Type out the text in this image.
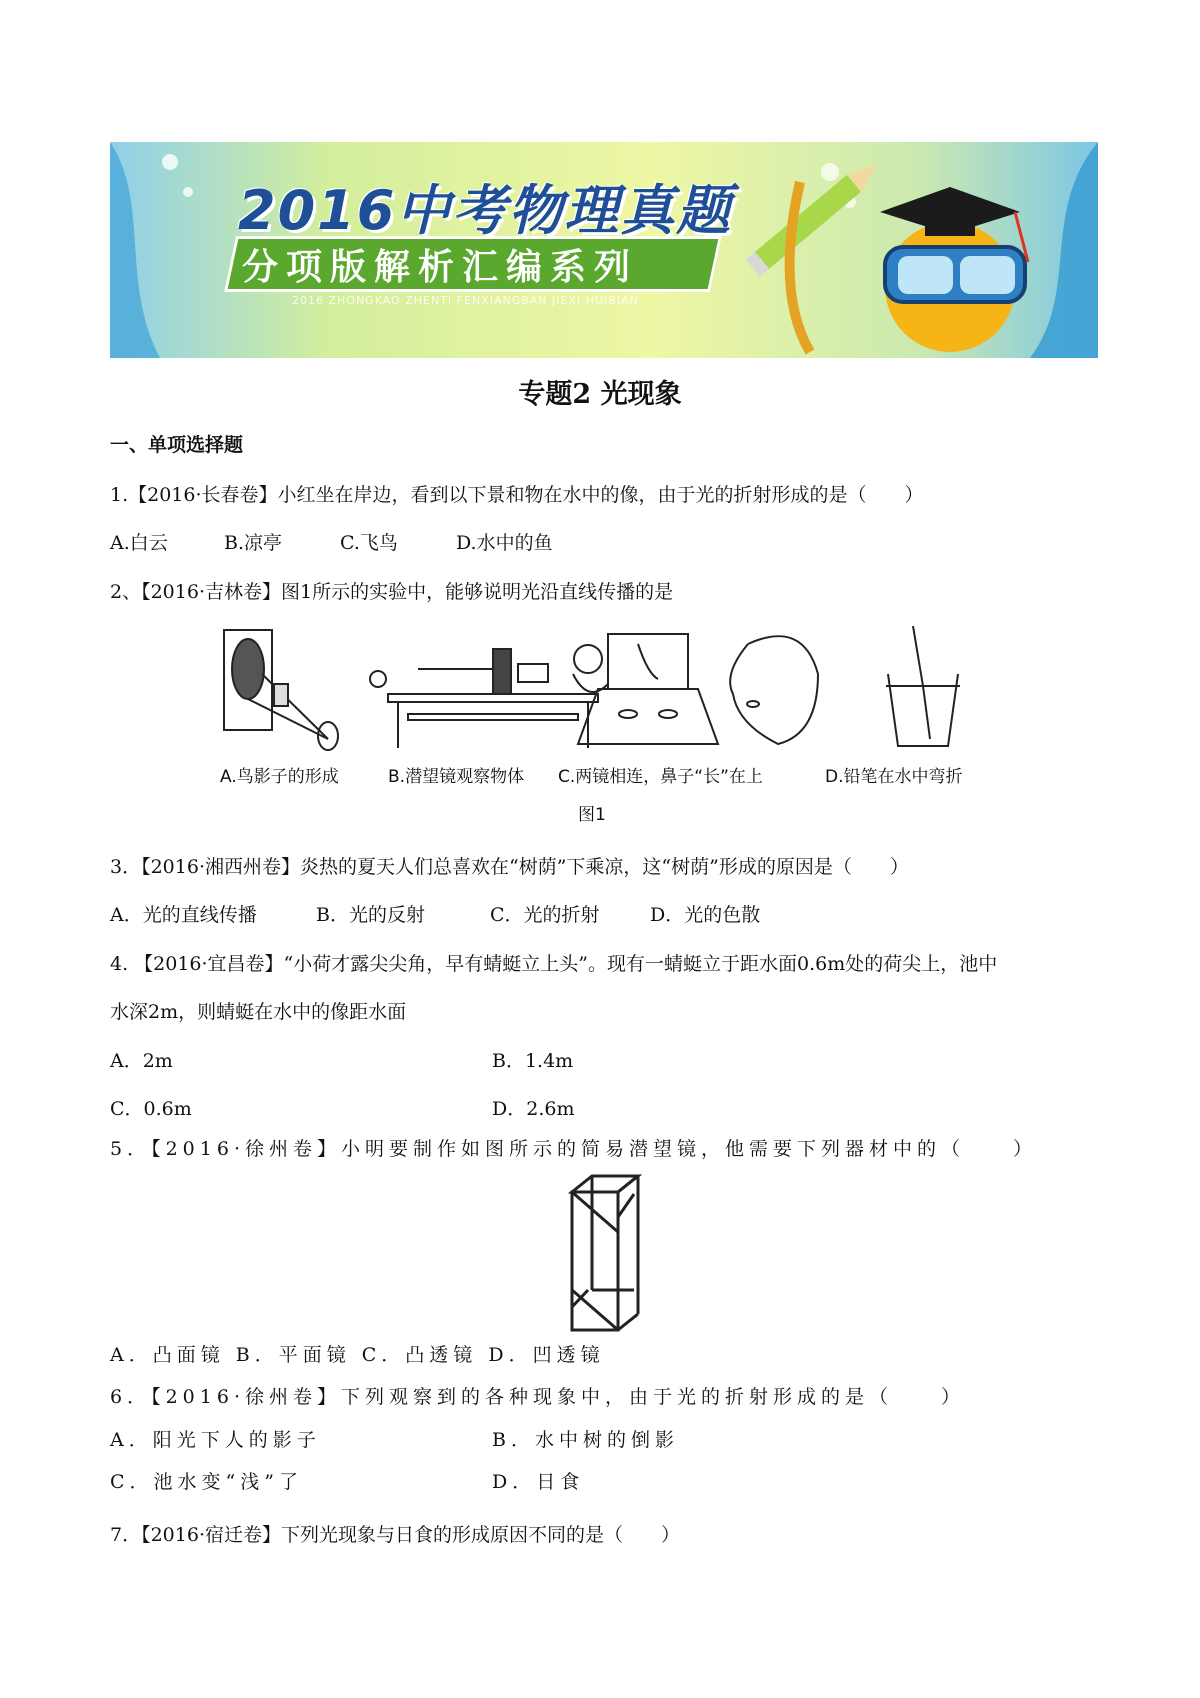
2016中考物理真题
分项版解析汇编系列
2016 ZHONGKAO ZHENTI FENXIANGBAN JIEXI HUIBIAN
专题2 光现象
一、单项选择题
1.【2016·长春卷】小红坐在岸边，看到以下景和物在水中的像，由于光的折射形成的是（　　）
A.白云	B.凉亭	C.飞鸟	D.水中的鱼
2、【2016·吉林卷】图1所示的实验中，能够说明光沿直线传播的是
A.鸟影子的形成	B.潜望镜观察物体 C.两镜相连，鼻子“长”在上	D.铅笔在水中弯折
图1
3．【2016·湘西州卷】炎热的夏天人们总喜欢在“树荫”下乘凉，这“树荫”形成的原因是（　　）
A．光的直线传播	B．光的反射	C．光的折射	D．光的色散
4. 【2016·宜昌卷】“小荷才露尖尖角，早有蜻蜓立上头”。现有一蜻蜓立于距水面0.6m处的荷尖上，池中
水深2m，则蜻蜓在水中的像距水面
A．2m	B．1.4m
C．0.6m	D．2.6m
5．【2016·徐州卷】小明要制作如图所示的简易潜望镜，他需要下列器材中的（　　）
A．凸面镜 B．平面镜 C．凸透镜 D．凹透镜
6．【2016·徐州卷】下列观察到的各种现象中，由于光的折射形成的是（　　）
A．阳光下人的影子	B．水中树的倒影
C．池水变“浅”了	D．日食
7．【2016·宿迁卷】下列光现象与日食的形成原因不同的是（　　）
